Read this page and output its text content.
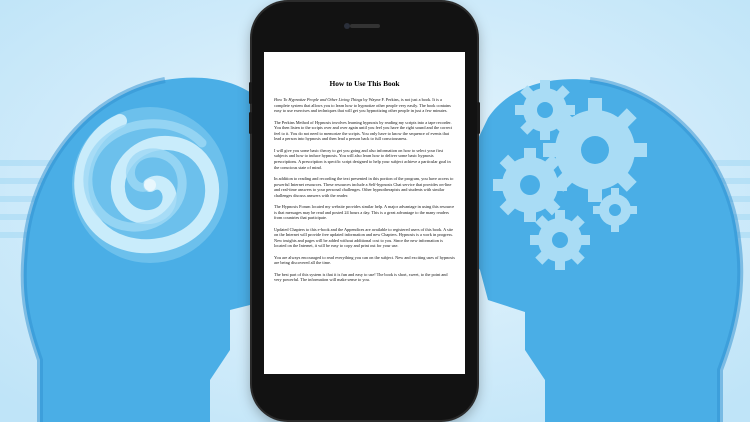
How to Use This Book

How To Hypnotize People and Other Living Things by Wayne F. Perkins, is not just a book. It is a complete system that allows you to learn how to hypnotize other people very easily. The book contains easy to use exercises and techniques that will get you hypnotizing other people in just a few minutes.

The Perkins Method of Hypnosis involves learning hypnosis by reading my scripts into a tape recorder. You then listen to the scripts over and over again until you feel you have the right sound and the correct feel to it. You do not need to memorize the scripts. You only have to know the sequence of events that lead a person into hypnosis and then lead a person back to full consciousness.

I will give you some basic theory to get you going and also information on how to select your first subjects and how to induce hypnosis. You will also learn how to deliver some basic hypnosis prescriptions. A prescription is specific script designed to help your subject achieve a particular goal in the conscious state of mind.

In addition to reading and recording the text presented in this portion of the program, you have access to powerful Internet resources. These resources include a Self-hypnosis Chat service that provides on-line and real-time answers to your personal challenges. Other hypnotherapists and students with similar challenges discuss answers with the reader.

The Hypnosis Forum located my website provides similar help. A major advantage in using this resource is that messages may be read and posted 24 hours a day. This is a great advantage to the many readers from countries that participate.

Updated Chapters to this e-book and the Appendices are available to registered users of this book. A site on the Internet will provide free updated information and new Chapters. Hypnosis is a work in progress. New insights and pages will be added without additional cost to you. Since the new information is located on the Internet, it will be easy to copy and print out for your use.

You are always encouraged to read everything you can on the subject. New and exciting uses of hypnosis are being discovered all the time.

The best part of this system is that it is fun and easy to use! The book is short, sweet, to the point and very powerful. The information will make sense to you.
